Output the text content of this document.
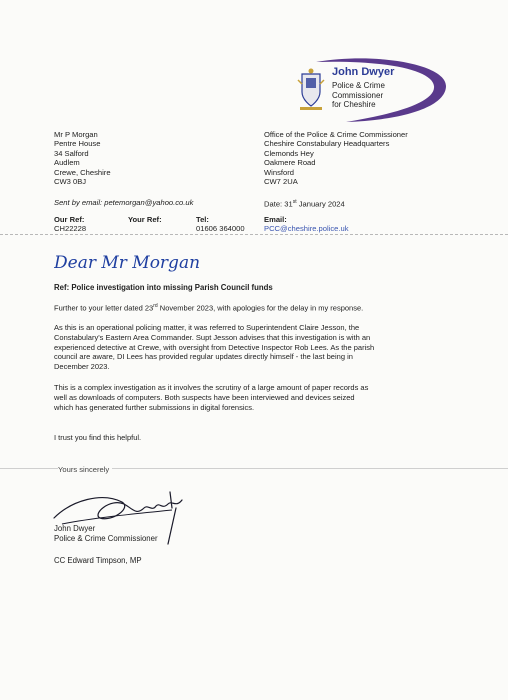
John Dwyer
Police & Crime
Commissioner
for Cheshire
Mr P Morgan
Pentre House
34 Salford
Audlem
Crewe, Cheshire
CW3 0BJ
Office of the Police & Crime Commissioner
Cheshire Constabulary Headquarters
Clemonds Hey
Oakmere Road
Winsford
CW7 2UA
Sent by email: petemorgan@yahoo.co.uk	Date: 31st January 2024
Our Ref:
CH22228
Your Ref:	Tel:
01606 364000
Email:
PCC@cheshire.police.uk
Dear Mr Morgan
Ref: Police investigation into missing Parish Council funds
Further to your letter dated 23rd November 2023, with apologies for the delay in my response.
As this is an operational policing matter, it was referred to Superintendent Claire Jesson, the
Constabulary's Eastern Area Commander. Supt Jesson advises that this investigation is with an
experienced detective at Crewe, with oversight from Detective Inspector Rob Lees. As the parish
council are aware, DI Lees has provided regular updates directly himself - the last being in
December 2023.
This is a complex investigation as it involves the scrutiny of a large amount of paper records as
well as downloads of computers. Both suspects have been interviewed and devices seized
which has generated further submissions in digital forensics.
I trust you find this helpful.
Yours sincerely
John Dwyer
Police & Crime Commissioner
CC Edward Timpson, MP
